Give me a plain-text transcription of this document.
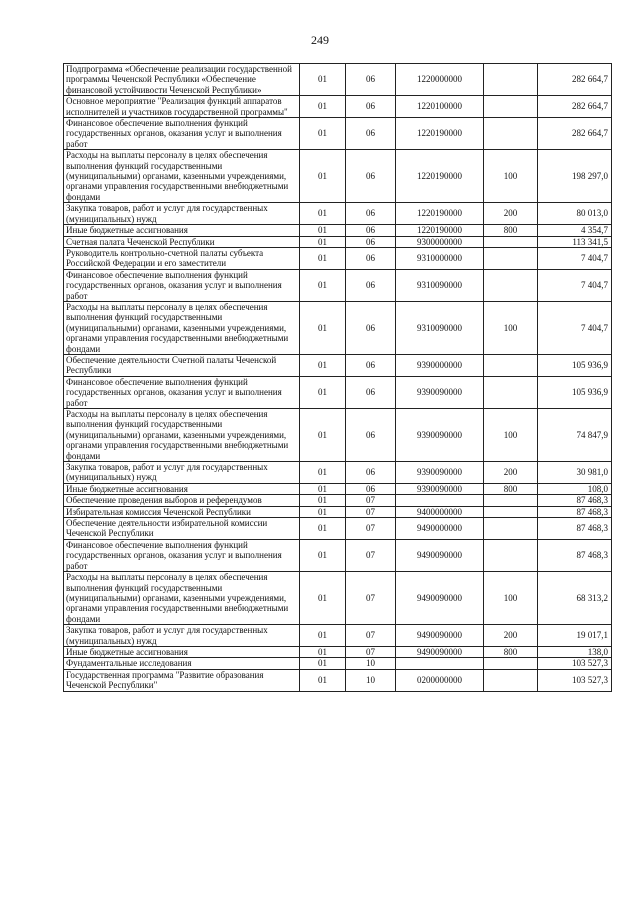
249
Подпрограмма «Обеспечение реализации государственной программы Чеченской Республики «Обеспечение финансовой устойчивости Чеченской Республики»	01	06	1220000000		282 664,7
Основное мероприятие "Реализация функций аппаратов исполнителей и участников государственной программы"	01	06	1220100000		282 664,7
Финансовое обеспечение выполнения функций государственных органов, оказания услуг и выполнения работ	01	06	1220190000		282 664,7
Расходы на выплаты персоналу в целях обеспечения выполнения функций государственными (муниципальными) органами, казенными учреждениями, органами управления государственными внебюджетными фондами	01	06	1220190000	100	198 297,0
Закупка товаров, работ и услуг для государственных (муниципальных) нужд	01	06	1220190000	200	80 013,0
Иные бюджетные ассигнования	01	06	1220190000	800	4 354,7
Счетная палата Чеченской Республики	01	06	9300000000		113 341,5
Руководитель контрольно-счетной палаты субъекта Российской Федерации и его заместители	01	06	9310000000		7 404,7
Финансовое обеспечение выполнения функций государственных органов, оказания услуг и выполнения работ	01	06	9310090000		7 404,7
Расходы на выплаты персоналу в целях обеспечения выполнения функций государственными (муниципальными) органами, казенными учреждениями, органами управления государственными внебюджетными фондами	01	06	9310090000	100	7 404,7
Обеспечение деятельности Счетной палаты Чеченской Республики	01	06	9390000000		105 936,9
Финансовое обеспечение выполнения функций государственных органов, оказания услуг и выполнения работ	01	06	9390090000		105 936,9
Расходы на выплаты персоналу в целях обеспечения выполнения функций государственными (муниципальными) органами, казенными учреждениями, органами управления государственными внебюджетными фондами	01	06	9390090000	100	74 847,9
Закупка товаров, работ и услуг для государственных (муниципальных) нужд	01	06	9390090000	200	30 981,0
Иные бюджетные ассигнования	01	06	9390090000	800	108,0
Обеспечение проведения выборов и референдумов	01	07			87 468,3
Избирательная комиссия Чеченской Республики	01	07	9400000000		87 468,3
Обеспечение деятельности избирательной комиссии Чеченской Республики	01	07	9490000000		87 468,3
Финансовое обеспечение выполнения функций государственных органов, оказания услуг и выполнения работ	01	07	9490090000		87 468,3
Расходы на выплаты персоналу в целях обеспечения выполнения функций государственными (муниципальными) органами, казенными учреждениями, органами управления государственными внебюджетными фондами	01	07	9490090000	100	68 313,2
Закупка товаров, работ и услуг для государственных (муниципальных) нужд	01	07	9490090000	200	19 017,1
Иные бюджетные ассигнования	01	07	9490090000	800	138,0
Фундаментальные исследования	01	10			103 527,3
Государственная программа "Развитие образования Чеченской Республики"	01	10	0200000000		103 527,3
